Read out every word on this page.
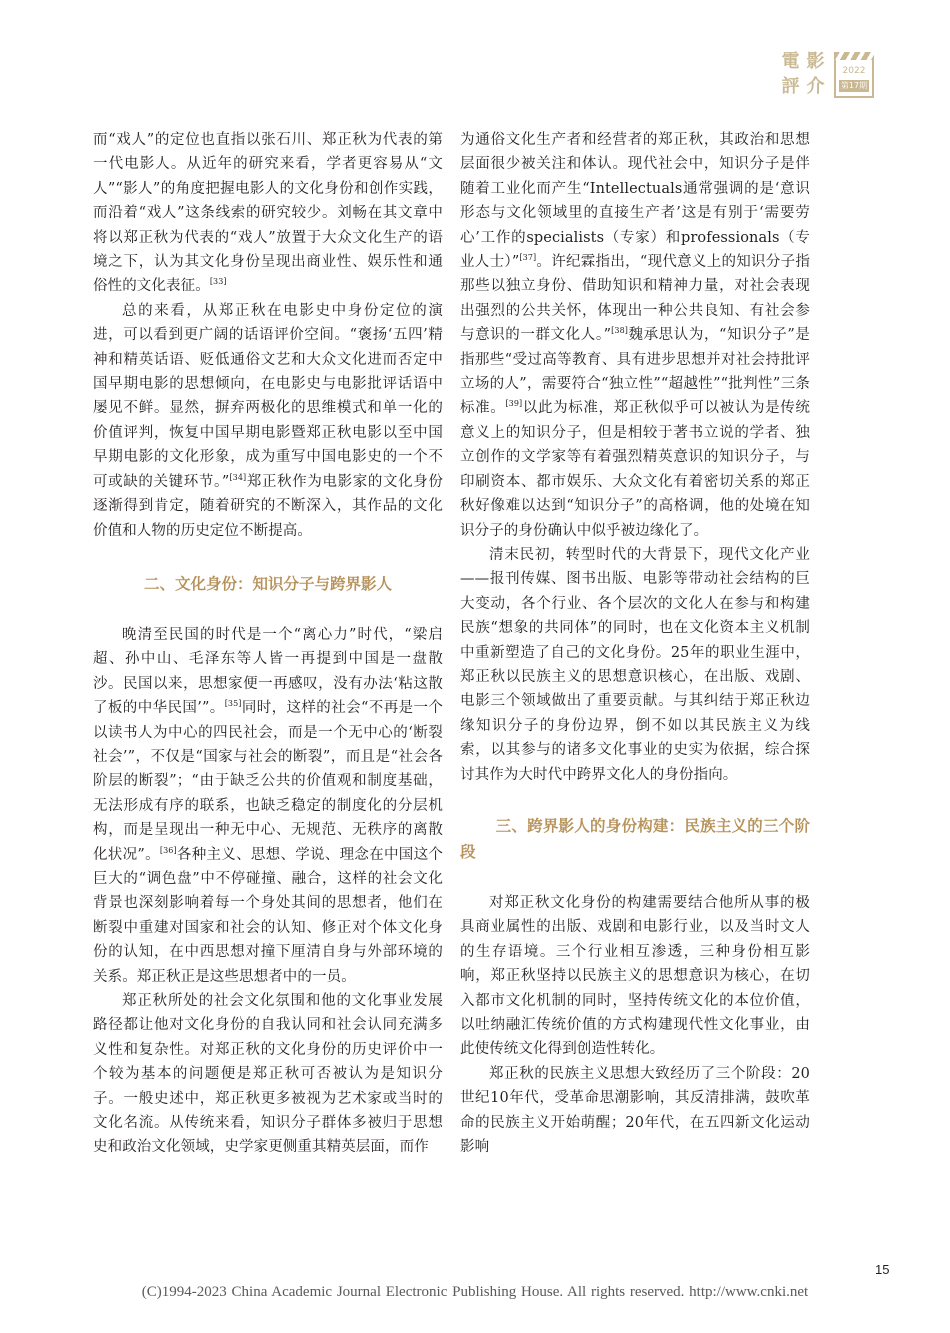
電 影
評 介
2022
第17期

而“戏人”的定位也直指以张石川、郑正秋为代表的第一代电影人。从近年的研究来看，学者更容易从“文人”“影人”的角度把握电影人的文化身份和创作实践，而沿着“戏人”这条线索的研究较少。刘畅在其文章中将以郑正秋为代表的“戏人”放置于大众文化生产的语境之下，认为其文化身份呈现出商业性、娱乐性和通俗性的文化表征。[33]

总的来看，从郑正秋在电影史中身份定位的演进，可以看到更广阔的话语评价空间。“褒扬‘五四’精神和精英话语、贬低通俗文艺和大众文化进而否定中国早期电影的思想倾向，在电影史与电影批评话语中屡见不鲜。显然，摒弃两极化的思维模式和单一化的价值评判，恢复中国早期电影暨郑正秋电影以至中国早期电影的文化形象，成为重写中国电影史的一个不可或缺的关键环节。”[34]郑正秋作为电影家的文化身份逐渐得到肯定，随着研究的不断深入，其作品的文化价值和人物的历史定位不断提高。

二、文化身份：知识分子与跨界影人

晚清至民国的时代是一个“离心力”时代，“梁启超、孙中山、毛泽东等人皆一再提到中国是一盘散沙。民国以来，思想家便一再感叹，没有办法‘粘这散了板的中华民国’”。[35]同时，这样的社会“不再是一个以读书人为中心的四民社会，而是一个无中心的‘断裂社会’”，不仅是“国家与社会的断裂”，而且是“社会各阶层的断裂”；“由于缺乏公共的价值观和制度基础，无法形成有序的联系，也缺乏稳定的制度化的分层机构，而是呈现出一种无中心、无规范、无秩序的离散化状况”。[36]各种主义、思想、学说、理念在中国这个巨大的“调色盘”中不停碰撞、融合，这样的社会文化背景也深刻影响着每一个身处其间的思想者，他们在断裂中重建对国家和社会的认知、修正对个体文化身份的认知，在中西思想对撞下厘清自身与外部环境的关系。郑正秋正是这些思想者中的一员。

郑正秋所处的社会文化氛围和他的文化事业发展路径都让他对文化身份的自我认同和社会认同充满多义性和复杂性。对郑正秋的文化身份的历史评价中一个较为基本的问题便是郑正秋可否被认为是知识分子。一般史述中，郑正秋更多被视为艺术家或当时的文化名流。从传统来看，知识分子群体多被归于思想史和政治文化领域，史学家更侧重其精英层面，而作

为通俗文化生产者和经营者的郑正秋，其政治和思想层面很少被关注和体认。现代社会中，知识分子是伴随着工业化而产生“Intellectuals通常强调的是‘意识形态与文化领域里的直接生产者’这是有别于‘需要劳心’工作的specialists（专家）和professionals（专业人士）”[37]。许纪霖指出，“现代意义上的知识分子指那些以独立身份、借助知识和精神力量，对社会表现出强烈的公共关怀，体现出一种公共良知、有社会参与意识的一群文化人。”[38]魏承思认为，“知识分子”是指那些“受过高等教育、具有进步思想并对社会持批评立场的人”，需要符合“独立性”“超越性”“批判性”三条标准。[39]以此为标准，郑正秋似乎可以被认为是传统意义上的知识分子，但是相较于著书立说的学者、独立创作的文学家等有着强烈精英意识的知识分子，与印刷资本、都市娱乐、大众文化有着密切关系的郑正秋好像难以达到“知识分子”的高格调，他的处境在知识分子的身份确认中似乎被边缘化了。

清末民初，转型时代的大背景下，现代文化产业——报刊传媒、图书出版、电影等带动社会结构的巨大变动，各个行业、各个层次的文化人在参与和构建民族“想象的共同体”的同时，也在文化资本主义机制中重新塑造了自己的文化身份。25年的职业生涯中，郑正秋以民族主义的思想意识核心，在出版、戏剧、电影三个领域做出了重要贡献。与其纠结于郑正秋边缘知识分子的身份边界，倒不如以其民族主义为线索，以其参与的诸多文化事业的史实为依据，综合探讨其作为大时代中跨界文化人的身份指向。

三、跨界影人的身份构建：民族主义的三个阶段

对郑正秋文化身份的构建需要结合他所从事的极具商业属性的出版、戏剧和电影行业，以及当时文人的生存语境。三个行业相互渗透，三种身份相互影响，郑正秋坚持以民族主义的思想意识为核心，在切入都市文化机制的同时，坚持传统文化的本位价值，以吐纳融汇传统价值的方式构建现代性文化事业，由此使传统文化得到创造性转化。

郑正秋的民族主义思想大致经历了三个阶段：20世纪10年代，受革命思潮影响，其反清排满，鼓吹革命的民族主义开始萌醒；20年代，在五四新文化运动影响

15
(C)1994-2023 China Academic Journal Electronic Publishing House. All rights reserved. http://www.cnki.net
